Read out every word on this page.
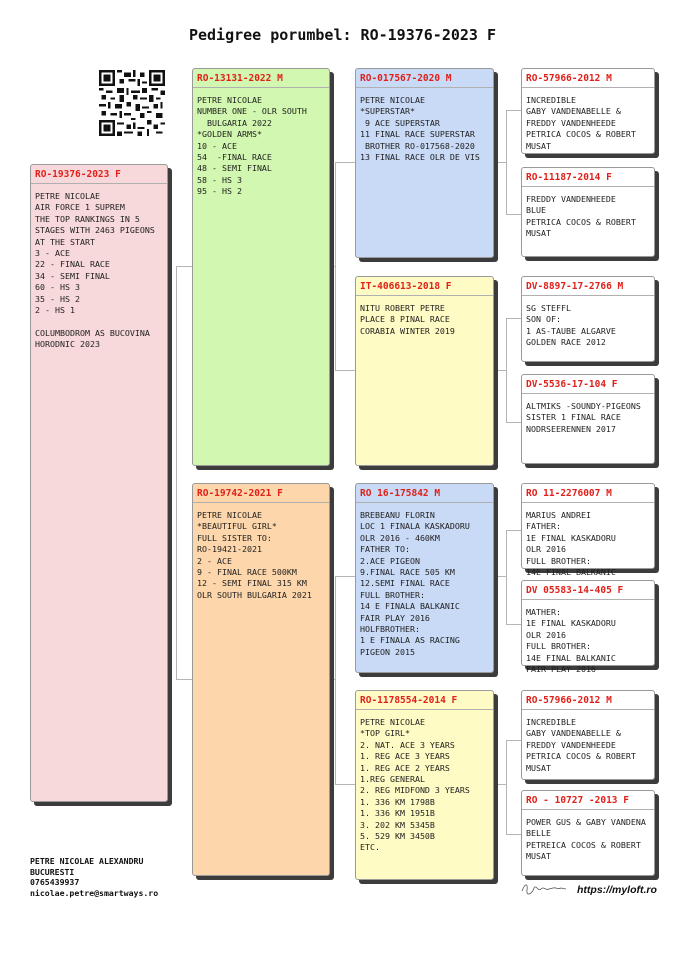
Pedigree porumbel: RO-19376-2023 F
RO-19376-2023 F
PETRE NICOLAE
AIR FORCE 1 SUPREM
THE TOP RANKINGS IN 5
STAGES WITH 2463 PIGEONS
AT THE START
3 - ACE
22 - FINAL RACE
34 - SEMI FINAL
60 - HS 3
35 - HS 2
2 - HS 1

COLUMBODROM AS BUCOVINA
HORODNIC 2023
RO-13131-2022 M
PETRE NICOLAE
NUMBER ONE - OLR SOUTH
BULGARIA 2022
*GOLDEN ARMS*
10 - ACE
54  -FINAL RACE
48 - SEMI FINAL
58 - HS 3
95 - HS 2
RO-19742-2021 F
PETRE NICOLAE
*BEAUTIFUL GIRL*
FULL SISTER TO:
RO-19421-2021
2 - ACE
9 - FINAL RACE 500KM
12 - SEMI FINAL 315 KM
OLR SOUTH BULGARIA 2021
RO-017567-2020 M
PETRE NICOLAE
*SUPERSTAR*
9 ACE SUPERSTAR
11 FINAL RACE SUPERSTAR
BROTHER RO-017568-2020
13 FINAL RACE OLR DE VIS
IT-406613-2018 F
NITU ROBERT PETRE
PLACE 8 PINAL RACE
CORABIA WINTER 2019
RO 16-175842 M
BREBEANU FLORIN
LOC 1 FINALA KASKADORU
OLR 2016 - 460KM
FATHER TO:
2.ACE PIGEON
9.FINAL RACE 505 KM
12.SEMI FINAL RACE
FULL BROTHER:
14 E FINALA BALKANIC
FAIR PLAY 2016
HOLFBROTHER:
1 E FINALA AS RACING
PIGEON 2015
RO-1178554-2014 F
PETRE NICOLAE
*TOP GIRL*
2. NAT. ACE 3 YEARS
1. REG ACE 3 YEARS
1. REG ACE 2 YEARS
1.REG GENERAL
2. REG MIDFOND 3 YEARS
1. 336 KM 1798B
1. 336 KM 1951B
3. 202 KM 5345B
5. 529 KM 3450B
ETC.
RO-57966-2012 M
INCREDIBLE
GABY VANDENABELLE &
FREDDY VANDENHEEDE
PETRICA COCOS & ROBERT
MUSAT
RO-11187-2014 F
FREDDY VANDENHEEDE
BLUE
PETRICA COCOS & ROBERT
MUSAT
DV-8897-17-2766 M
SG STEFFL
SON OF:
1 AS-TAUBE ALGARVE
GOLDEN RACE 2012
DV-5536-17-104 F
ALTMIKS -SOUNDY-PIGEONS
SISTER 1 FINAL RACE
NODRSEERENNEN 2017
RO 11-2276007 M
MARIUS ANDREI
FATHER:
1E FINAL KASKADORU
OLR 2016
FULL BROTHER:
14E FINAL BALKANIC
DV 05583-14-405 F
MATHER:
1E FINAL KASKADORU
OLR 2016
FULL BROTHER:
14E FINAL BALKANIC
FAIR PLAY 2016
RO-57966-2012 M
INCREDIBLE
GABY VANDENABELLE &
FREDDY VANDENHEEDE
PETRICA COCOS & ROBERT
MUSAT
RO - 10727 -2013 F
POWER GUS & GABY VANDENA
BELLE
PETREICA COCOS & ROBERT
MUSAT
PETRE NICOLAE ALEXANDRU
BUCURESTI
0765439937
nicolae.petre@smartways.ro	https://myloft.ro
